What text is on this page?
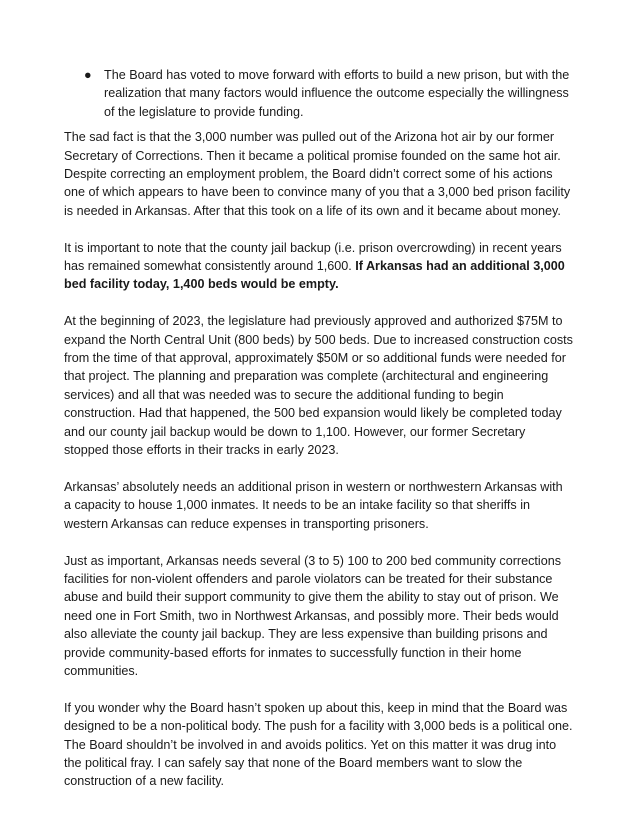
● The Board has voted to move forward with efforts to build a new prison, but with the realization that many factors would influence the outcome especially the willingness of the legislature to provide funding.

The sad fact is that the 3,000 number was pulled out of the Arizona hot air by our former Secretary of Corrections. Then it became a political promise founded on the same hot air. Despite correcting an employment problem, the Board didn’t correct some of his actions one of which appears to have been to convince many of you that a 3,000 bed prison facility is needed in Arkansas. After that this took on a life of its own and it became about money.

It is important to note that the county jail backup (i.e. prison overcrowding) in recent years has remained somewhat consistently around 1,600. If Arkansas had an additional 3,000 bed facility today, 1,400 beds would be empty.

At the beginning of 2023, the legislature had previously approved and authorized $75M to expand the North Central Unit (800 beds) by 500 beds. Due to increased construction costs from the time of that approval, approximately $50M or so additional funds were needed for that project. The planning and preparation was complete (architectural and engineering services) and all that was needed was to secure the additional funding to begin construction. Had that happened, the 500 bed expansion would likely be completed today and our county jail backup would be down to 1,100. However, our former Secretary stopped those efforts in their tracks in early 2023.

Arkansas’ absolutely needs an additional prison in western or northwestern Arkansas with a capacity to house 1,000 inmates. It needs to be an intake facility so that sheriffs in western Arkansas can reduce expenses in transporting prisoners.

Just as important, Arkansas needs several (3 to 5) 100 to 200 bed community corrections facilities for non-violent offenders and parole violators can be treated for their substance abuse and build their support community to give them the ability to stay out of prison. We need one in Fort Smith, two in Northwest Arkansas, and possibly more. Their beds would also alleviate the county jail backup. They are less expensive than building prisons and provide community-based efforts for inmates to successfully function in their home communities.

If you wonder why the Board hasn’t spoken up about this, keep in mind that the Board was designed to be a non-political body. The push for a facility with 3,000 beds is a political one. The Board shouldn’t be involved in and avoids politics. Yet on this matter it was drug into the political fray. I can safely say that none of the Board members want to slow the construction of a new facility.
